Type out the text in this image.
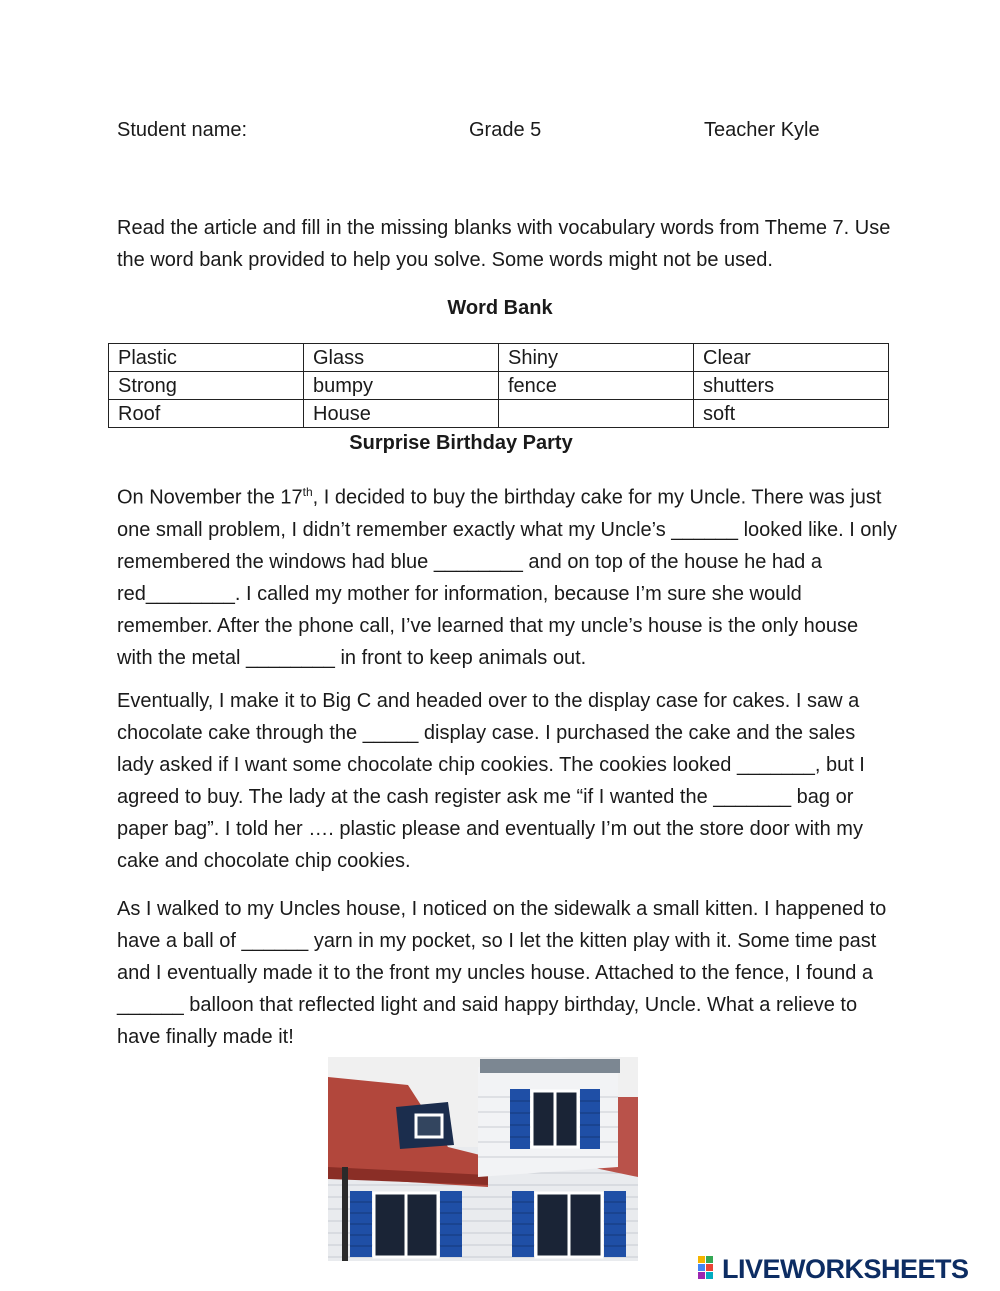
Student name:	Grade 5	Teacher Kyle

Read the article and fill in the missing blanks with vocabulary words from Theme 7. Use the word bank provided to help you solve. Some words might not be used.

Word Bank
Plastic	Glass	Shiny	Clear
Strong	bumpy	fence	shutters
Roof	House		soft
Surprise Birthday Party

On November the 17th, I decided to buy the birthday cake for my Uncle. There was just one small problem, I didn’t remember exactly what my Uncle’s ______ looked like. I only remembered the windows had blue ________ and on top of the house he had a red________. I called my mother for information, because I’m sure she would remember. After the phone call, I’ve learned that my uncle’s house is the only house with the metal ________ in front to keep animals out.

Eventually, I make it to Big C and headed over to the display case for cakes. I saw a chocolate cake through the _____ display case. I purchased the cake and the sales lady asked if I want some chocolate chip cookies. The cookies looked _______, but I agreed to buy. The lady at the cash register ask me “if I wanted the _______ bag or paper bag”. I told her …. plastic please and eventually I’m out the store door with my cake and chocolate chip cookies.

As I walked to my Uncles house, I noticed on the sidewalk a small kitten. I happened to have a ball of ______ yarn in my pocket, so I let the kitten play with it. Some time past and I eventually made it to the front my uncles house. Attached to the fence, I found a ______ balloon that reflected light and said happy birthday, Uncle. What a relieve to have finally made it!

LIVEWORKSHEETS
